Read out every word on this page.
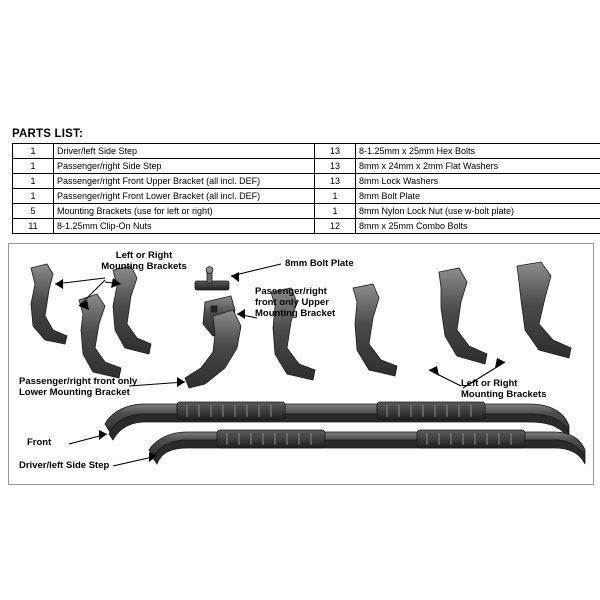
PARTS LIST:
1	Driver/left Side Step	13	8-1.25mm x 25mm Hex Bolts
1	Passenger/right Side Step	13	8mm x 24mm x 2mm Flat Washers
1	Passenger/right Front Upper Bracket (all incl. DEF)	13	8mm Lock Washers
1	Passenger/right Front Lower Bracket (all incl. DEF)	1	8mm Bolt Plate
5	Mounting Brackets (use for left or right)	1	8mm Nylon Lock Nut (use w-bolt plate)
11	8-1.25mm Clip-On Nuts	12	8mm x 25mm Combo Bolts
Left or Right
Mounting Brackets	8mm Bolt Plate
Passenger/right
front only Upper
Mounting Bracket
Passenger/right front only
Lower Mounting Bracket
Left or Right
Mounting Brackets
Front
Driver/left Side Step
